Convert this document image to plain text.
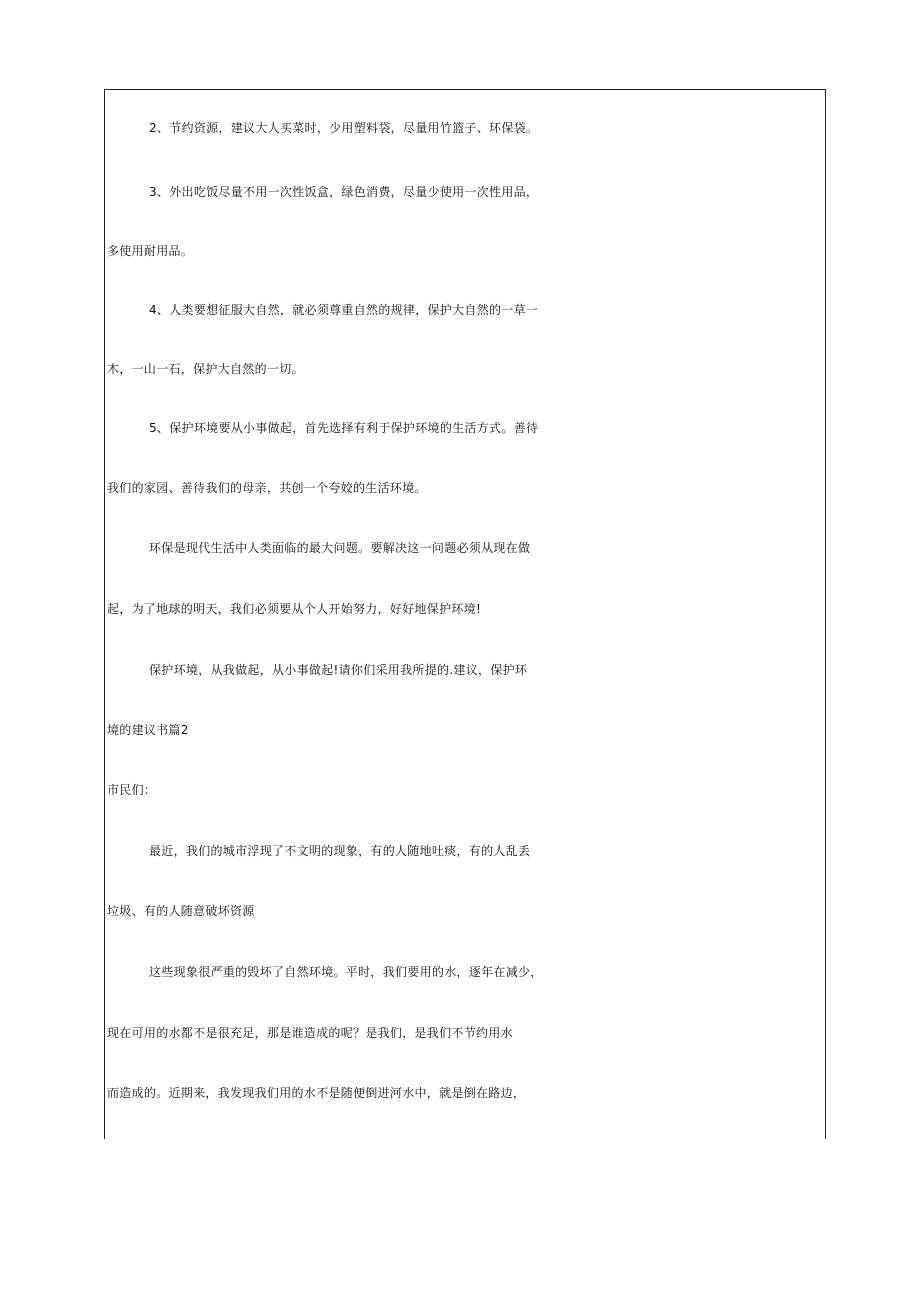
2、节约资源，建议大人买菜时，少用塑料袋，尽量用竹篮子、环保袋。
3、外出吃饭尽量不用一次性饭盒，绿色消费，尽量少使用一次性用品，
多使用耐用品。
4、人类要想征服大自然，就必须尊重自然的规律，保护大自然的一草一
木，一山一石，保护大自然的一切。
5、保护环境要从小事做起，首先选择有利于保护环境的生活方式。善待
我们的家园、善待我们的母亲，共创一个夸姣的生活环境。
环保是现代生活中人类面临的最大问题。要解决这一问题必须从现在做
起，为了地球的明天，我们必须要从个人开始努力，好好地保护环境!
保护环境，从我做起，从小事做起!请你们采用我所提的.建议，保护环
境的建议书篇2
市民们：
最近，我们的城市浮现了不文明的现象，有的人随地吐痰，有的人乱丢
垃圾、有的人随意破坏资源
这些现象很严重的毁坏了自然环境。平时，我们要用的水，逐年在减少，
现在可用的水都不是很充足，那是谁造成的呢？是我们，是我们不节约用水
而造成的。近期来，我发现我们用的水不是随便倒进河水中，就是倒在路边，
